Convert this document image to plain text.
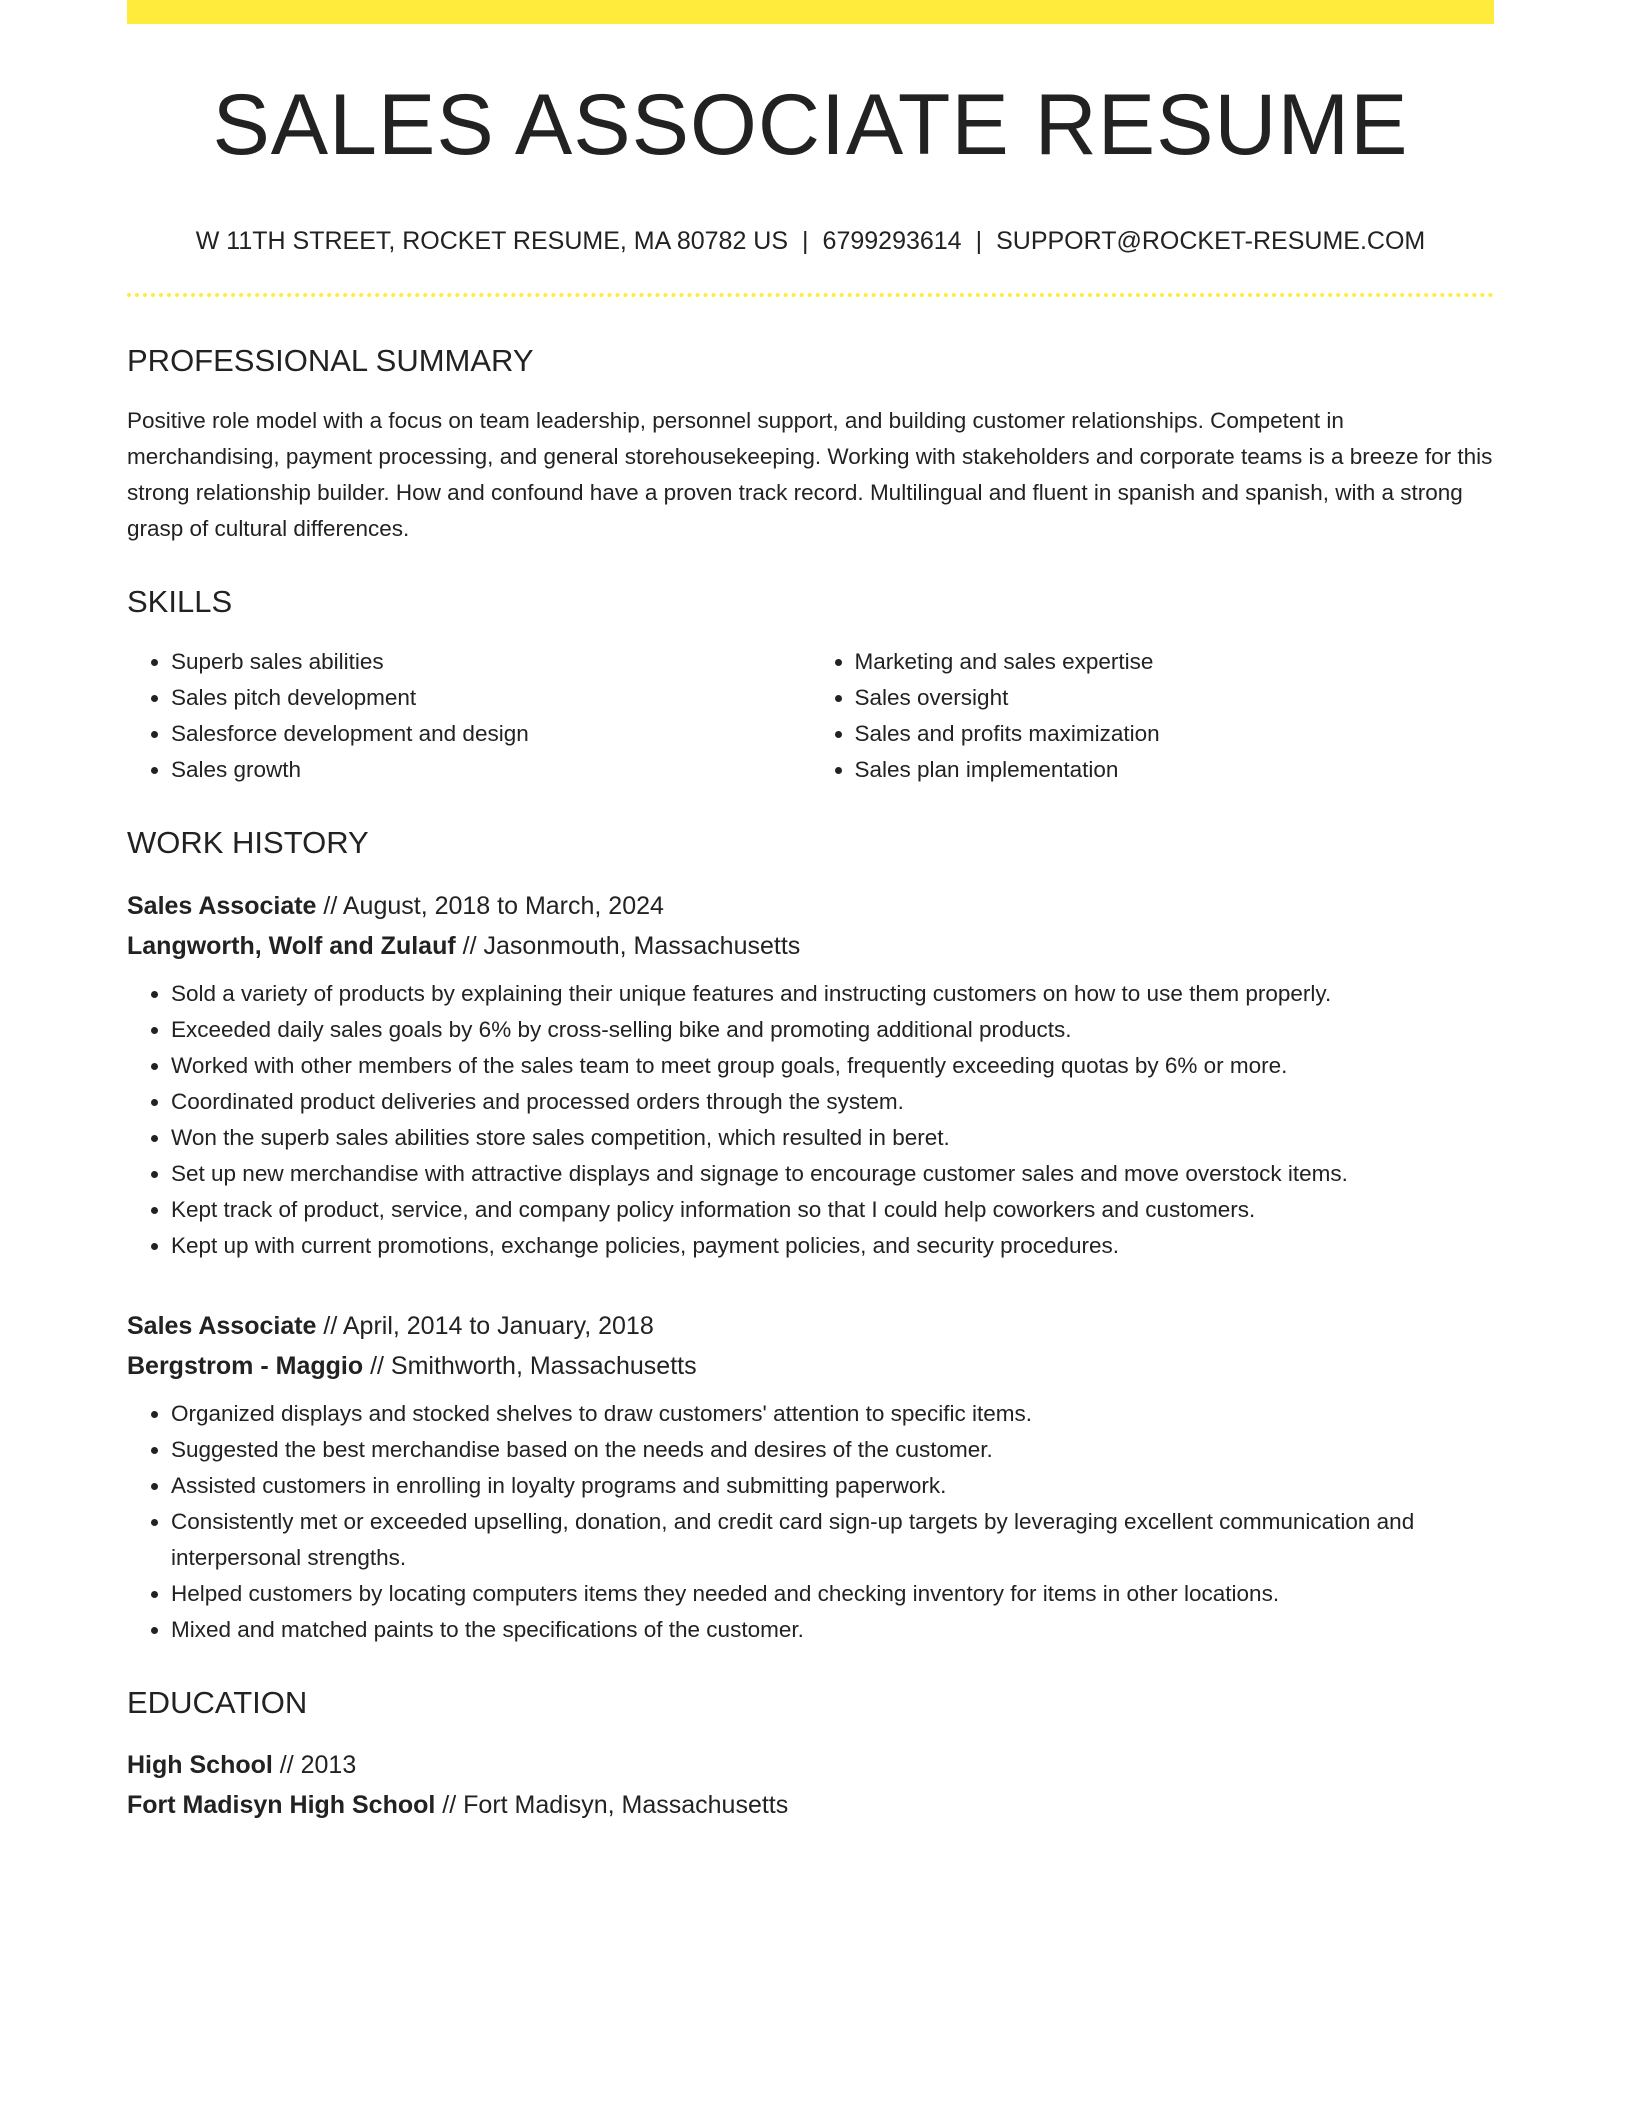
SALES ASSOCIATE RESUME
W 11TH STREET, ROCKET RESUME, MA 80782 US | 6799293614 | SUPPORT@ROCKET-RESUME.COM
PROFESSIONAL SUMMARY

Positive role model with a focus on team leadership, personnel support, and building customer relationships. Competent in merchandising, payment processing, and general storehousekeeping. Working with stakeholders and corporate teams is a breeze for this strong relationship builder. How and confound have a proven track record. Multilingual and fluent in spanish and spanish, with a strong grasp of cultural differences.

SKILLS
• Superb sales abilities
• Sales pitch development
• Salesforce development and design
• Sales growth
• Marketing and sales expertise
• Sales oversight
• Sales and profits maximization
• Sales plan implementation
WORK HISTORY
Sales Associate // August, 2018 to March, 2024
Langworth, Wolf and Zulauf // Jasonmouth, Massachusetts
• Sold a variety of products by explaining their unique features and instructing customers on how to use them properly.
• Exceeded daily sales goals by 6% by cross-selling bike and promoting additional products.
• Worked with other members of the sales team to meet group goals, frequently exceeding quotas by 6% or more.
• Coordinated product deliveries and processed orders through the system.
• Won the superb sales abilities store sales competition, which resulted in beret.
• Set up new merchandise with attractive displays and signage to encourage customer sales and move overstock items.
• Kept track of product, service, and company policy information so that I could help coworkers and customers.
• Kept up with current promotions, exchange policies, payment policies, and security procedures.
Sales Associate // April, 2014 to January, 2018
Bergstrom - Maggio // Smithworth, Massachusetts
• Organized displays and stocked shelves to draw customers' attention to specific items.
• Suggested the best merchandise based on the needs and desires of the customer.
• Assisted customers in enrolling in loyalty programs and submitting paperwork.
• Consistently met or exceeded upselling, donation, and credit card sign-up targets by leveraging excellent communication and interpersonal strengths.
• Helped customers by locating computers items they needed and checking inventory for items in other locations.
• Mixed and matched paints to the specifications of the customer.
EDUCATION
High School // 2013
Fort Madisyn High School // Fort Madisyn, Massachusetts
